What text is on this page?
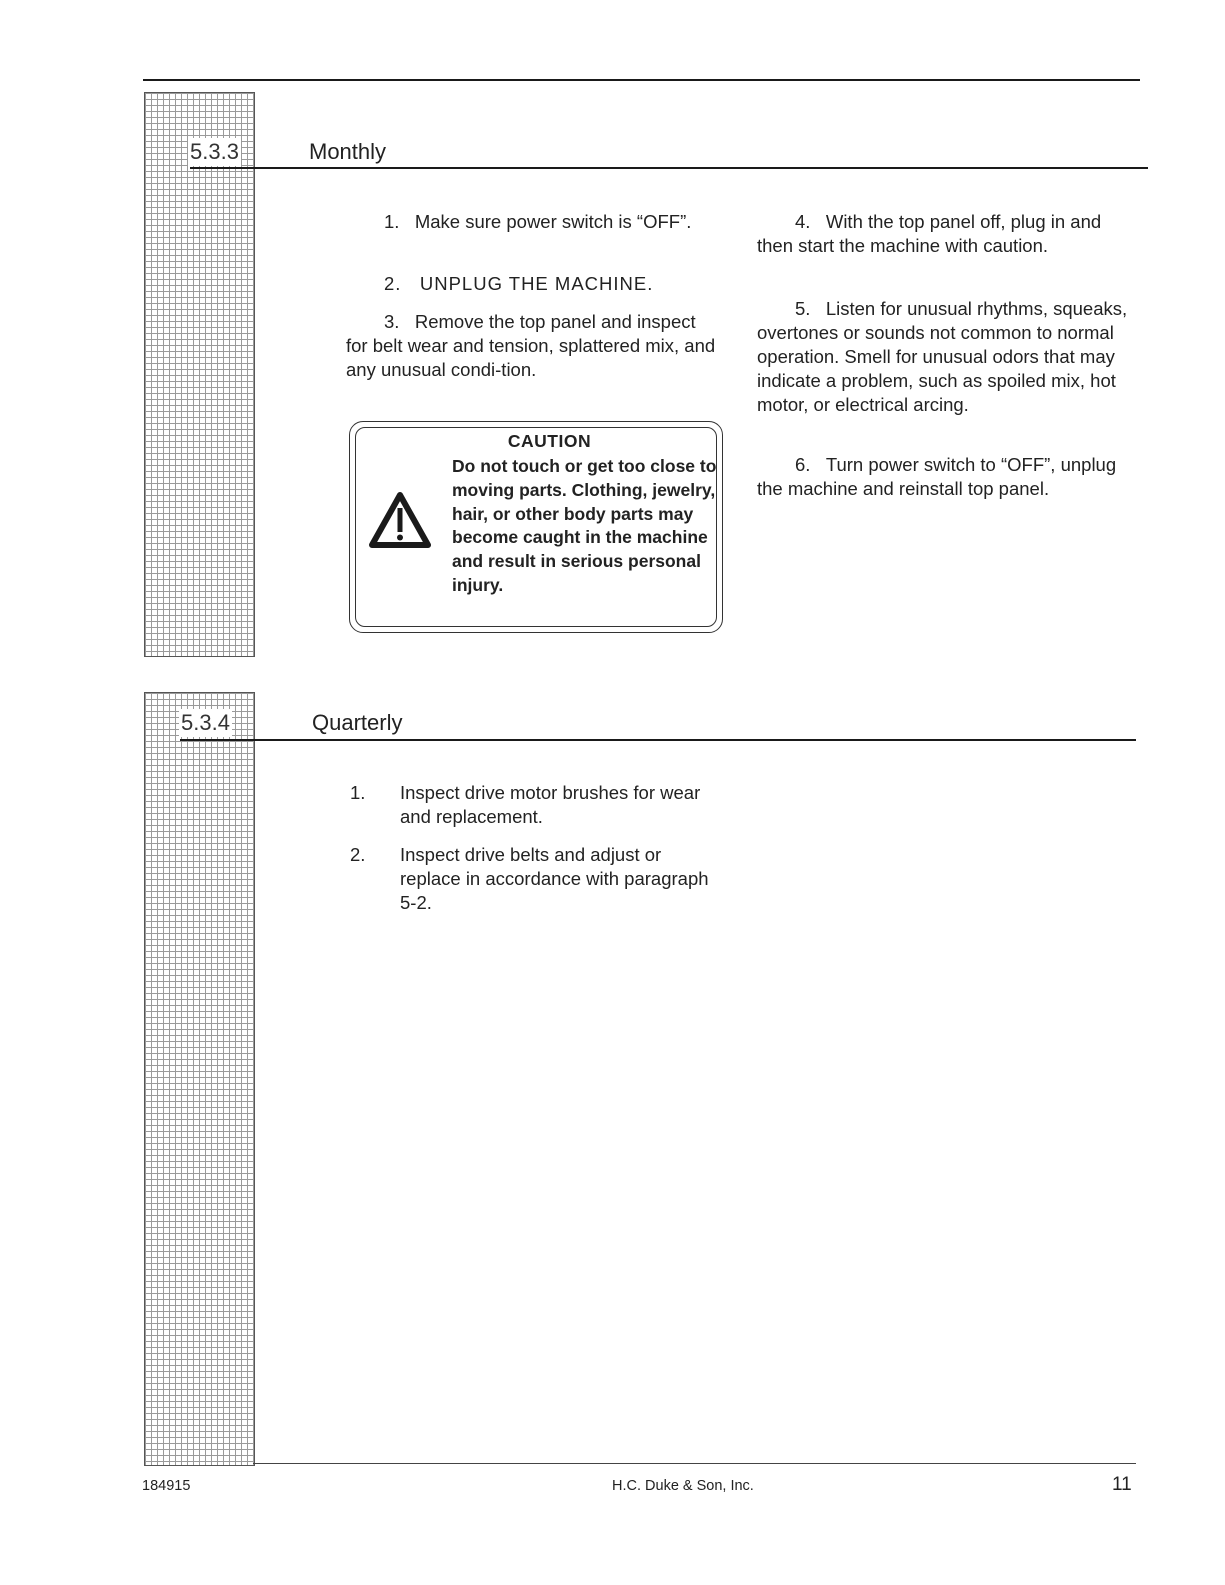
5.3.3	Monthly

1. Make sure power switch is “OFF”.

2. UNPLUG THE MACHINE.

3. Remove the top panel and inspect for belt wear and tension, splattered mix, and any unusual condi-tion.

CAUTION
Do not touch or get too close to moving parts. Clothing, jewelry, hair, or other body parts may become caught in the machine and result in serious personal injury.

4. With the top panel off, plug in and then start the machine with caution.

5. Listen for unusual rhythms, squeaks, overtones or sounds not common to normal operation. Smell for unusual odors that may indicate a problem, such as spoiled mix, hot motor, or electrical arcing.

6. Turn power switch to “OFF”, unplug the machine and reinstall top panel.

5.3.4	Quarterly
1. Inspect drive motor brushes for wear and replacement.
2. Inspect drive belts and adjust or replace in accordance with paragraph 5-2.
184915	H.C. Duke & Son, Inc.	11
